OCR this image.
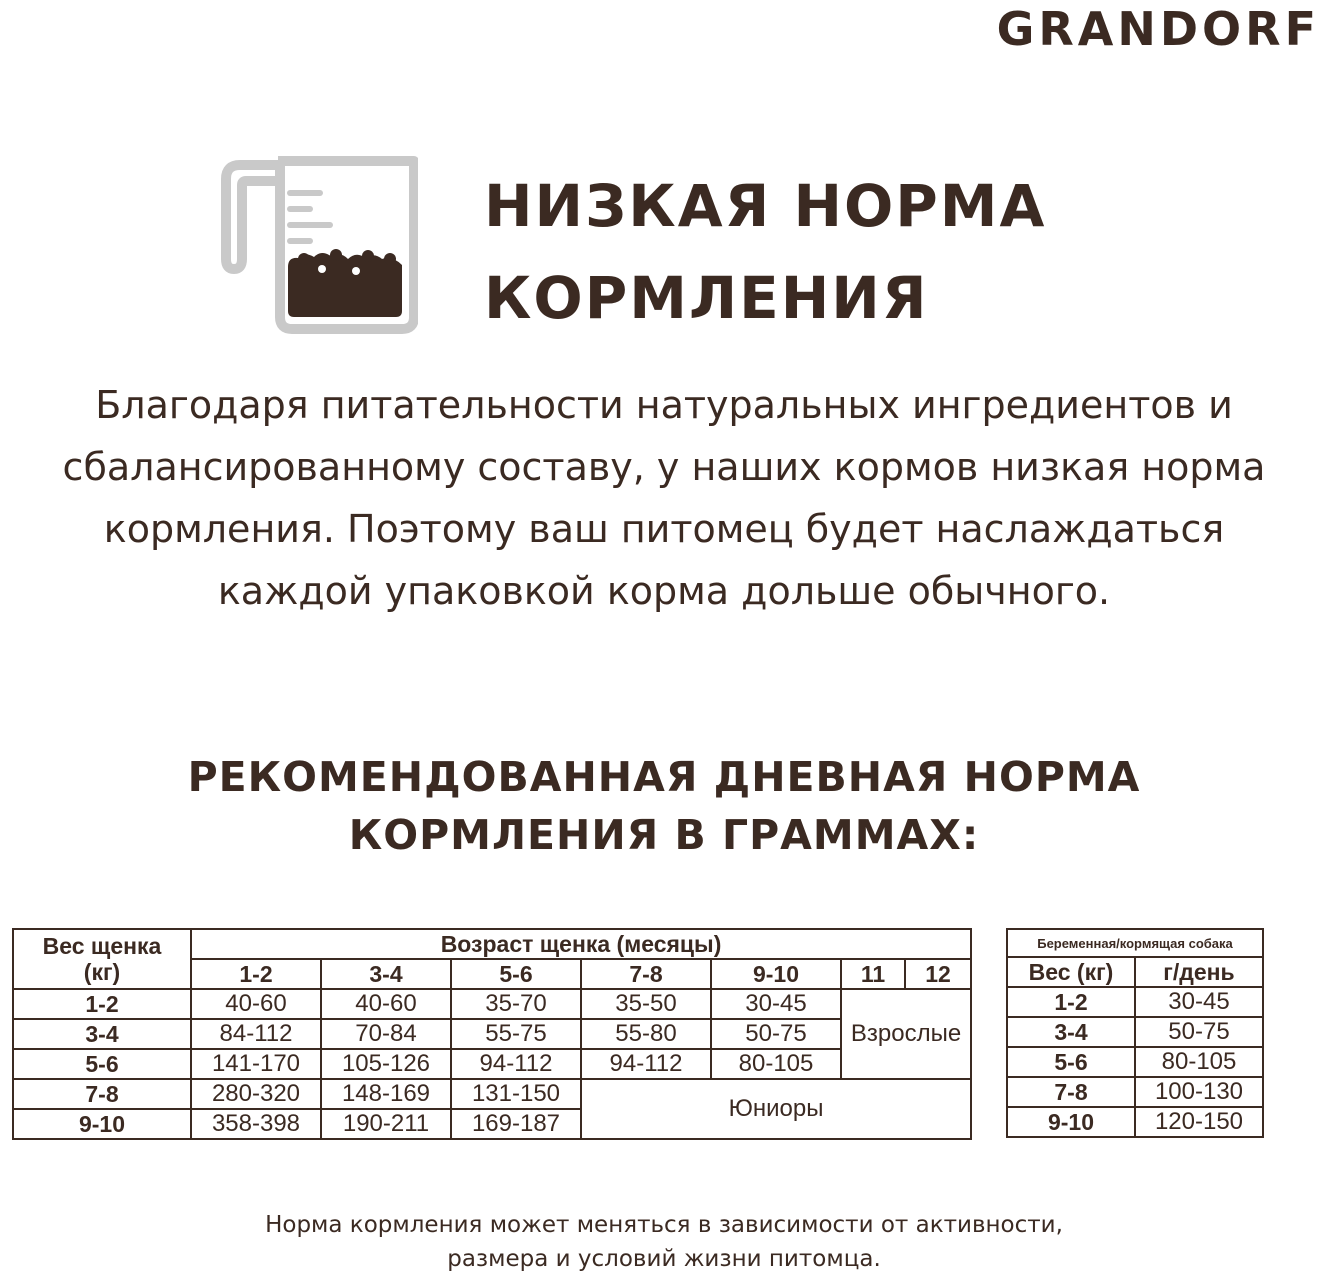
GRANDORF
НИЗКАЯ НОРМА
КОРМЛЕНИЯ
Благодаря питательности натуральных ингредиентов и
сбалансированному составу, у наших кормов низкая норма
кормления. Поэтому ваш питомец будет наслаждаться
каждой упаковкой корма дольше обычного.
РЕКОМЕНДОВАННАЯ ДНЕВНАЯ НОРМА
КОРМЛЕНИЯ В ГРАММАХ:
Вес щенка
(кг)	Возраст щенка (месяцы)						
	1-2	3-4	5-6	7-8	9-10	11	12
1-2	40-60	40-60	35-70	35-50	30-45	Взрослые	
3-4	84-112	70-84	55-75	55-80	50-75		
5-6	141-170	105-126	94-112	94-112	80-105		
7-8	280-320	148-169	131-150	Юниоры			
9-10	358-398	190-211	169-187				
Беременная/кормящая собака	
Вес (кг)	г/день
1-2	30-45
3-4	50-75
5-6	80-105
7-8	100-130
9-10	120-150
Норма кормления может меняться в зависимости от активности,
размера и условий жизни питомца.
